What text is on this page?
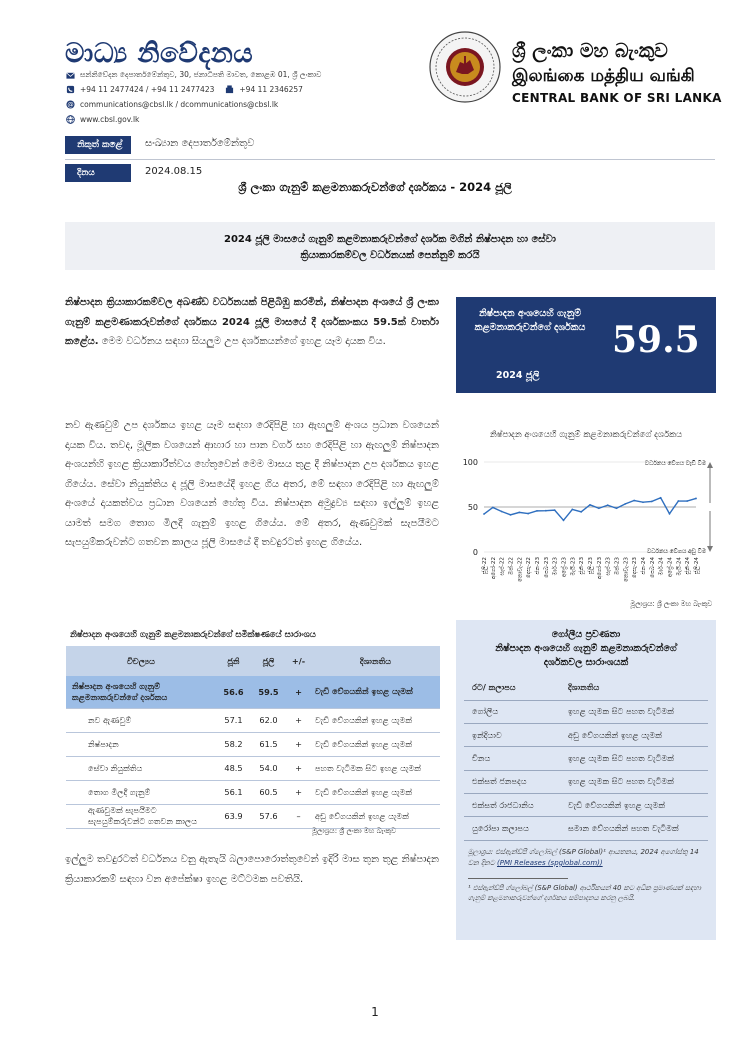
මාධ්‍ය නිවේදනය
සන්නිවේදන දෙපාර්තමේන්තුව, 30, ජනාධිපති මාවත, කොළඹ 01, ශ්‍රී ලංකාව
+94 11 2477424 / +94 11 2477423	+94 11 2346257
@ communications@cbsl.lk / dcommunications@cbsl.lk
www.cbsl.gov.lk
ශ්‍රී ලංකා මහ බැංකුව
இலங்கை மத்திய வங்கி
CENTRAL BANK OF SRI LANKA
නිකුත් කළේ	සංඛ්‍යාන දෙපාර්තමේන්තුව
දිනය	2024.08.15
ශ්‍රී ලංකා ගැනුම් කළමනාකරුවන්ගේ දර්ශකය - 2024 ජූලි
2024 ජූලි මාසයේ ගැනුම් කළමනාකරුවන්ගේ දර්ශක මගින් නිෂ්පාදන හා සේවා
ක්‍රියාකාරකම්වල වර්ධනයක් පෙන්නුම් කරයි
නිෂ්පාදන ක්‍රියාකාරකම්වල අඛණ්ඩ වර්ධනයක් පිළිබිඹු කරමින්, නිෂ්පාදන අංශයේ ශ්‍රී ලංකා ගැනුම් කළමණාකරුවන්ගේ දර්ශකය 2024 ජූලි මාසයේ දී දර්ශකාංකය 59.5ක් වාර්තා කළේය. මෙම වර්ධනය සඳහා සියලුම උප දර්ශකයන්ගේ ඉහළ යෑම දායක විය.
නව ඇණවුම් උප දර්ශකය ඉහළ යෑම සඳහා රෙදිපිළි හා ඇඟලුම් අංශය ප්‍රධාන වශයෙන් දායක විය. තවද, මූලික වශයෙන් ආහාර හා පාන වර්ග සහ රෙදිපිළි හා ඇඟලුම් නිෂ්පාදන අංශයන්හි ඉහළ ක්‍රියාකාරීත්වය හේතුවෙන් මෙම මාසය තුළ දී නිෂ්පාදන උප දර්ශකය ඉහළ ගියේය. සේවා නියුක්තිය ද ජූලි මාසයේදී ඉහළ ගිය අතර, මේ සඳහා රෙදිපිළි හා ඇඟලුම් අංශයේ දායකත්වය ප්‍රධාන වශයෙන් හේතු විය. නිෂ්පාදන අමුද්‍රව්‍ය සඳහා ඉල්ලුම් ඉහළ යාමත් සමග තොග මිලදී ගැනුම් ඉහළ ගියේය. මේ අතර, ඇණවුමක් සැපයීමට සැපයුම්කරුවන්ට ගතවන කාලය ජූලි මාසයේ දී තවදුරටත් ඉහළ ගියේය.
නිෂ්පාදන අංශයෙහි ගැනුම් කළමනාකරුවන්ගේ දර්ශකය 59.5
2024 ජූලි
නිෂ්පාදන අංශයෙහි ගැනුම් කළමනාකරුවන්ගේ දර්ශකය
0
50
100
ජූලි-22 අගෝ-22 සැප්-22 ඔක්-22 නොවැ-22 දෙසැ-22 ජන-23 පෙබ-23 මාර්-23 අප්‍රේ-23 මැයි-23 ජූනි-23 ජූලි-23 අගෝ-23 සැප්-23 ඔක්-23 නොවැ-23 දෙසැ-23 ජන-24 පෙබ-24 මාර්-24 අප්‍රේ-24 මැයි-24 ජූනි-24 ජූලි-24
වර්ධනය වේගය වැඩි වීම
වර්ධනය වේගය අඩු වීම
මූලාශ්‍රය: ශ්‍රී ලංකා මහ බැංකුව
නිෂ්පාදන අංශයෙහි ගැනුම් කළමනාකරුවන්ගේ සමීක්ෂණයේ සාරාංශය
විචල්‍යය	ජූනි	ජූලි	+/-	දිශානතිය
නිෂ්පාදන අංශයෙහි ගැනුම් කළමනාකරුවන්ගේ දර්ශකය	56.6	59.5	+	වැඩි වේගයකින් ඉහළ යැමක්
නව ඇණවුම්	57.1	62.0	+	වැඩි වේගයකින් ඉහළ යැමක්
නිෂ්පාදන	58.2	61.5	+	වැඩි වේගයකින් ඉහළ යැමක්
සේවා නියුක්තිය	48.5	54.0	+	පහත වැටීමක සිට ඉහළ යැමක්
තොග මිලදී ගැනුම්	56.1	60.5	+	වැඩි වේගයකින් ඉහළ යැමක්
ඇණවුමක් සැපයීමට සැපයුම්කරුවන්ට ගතවන කාලය	63.9	57.6	–	අඩු වේගයකින් ඉහළ යැමක්
මූලාශ්‍රය: ශ්‍රී ලංකා මහ බැංකුව
ඉල්ලුම තවදුරටත් වර්ධනය වනු ඇතැයි බලාපොරොත්තුවෙන් ඉදිරි මාස තුන තුළ නිෂ්පාදන ක්‍රියාකාරකම් සඳහා වන අපේක්ෂා ඉහළ මට්ටමක පවතියි.
ගෝලීය ප්‍රවණතා
නිෂ්පාදන අංශයෙහි ගැනුම් කළමනාකරුවන්ගේ
දර්ශකවල සාරාංශයක්
රට/ කලාපය	දිශානතිය
ගෝලීය	ඉහළ යැමක සිට පහත වැටීමක්
ඉන්දියාව	අඩු වේගයකින් ඉහළ යැමක්
චීනය	ඉහළ යැමක සිට පහත වැටීමක්
එක්සත් ජනපදය	ඉහළ යැමක සිට පහත වැටීමක්
එක්සත් රාජධානිය	වැඩි වේගයකින් ඉහළ යැමක්
යුරෝපා කලාපය	සමාන වේගයකින් පහත වැටීමක්
මූලාශ්‍රය: එස්ඇන්ඩ්පී ග්ලෝබල් (S&P Global)¹ ආයතනය, 2024 අගෝස්තු 14 වන දිනට (PMI Releases (spglobal.com))
¹ එස්ඇන්ඩ්පී ග්ලෝබල් (S&P Global) ආර්ථිකයන් 40 කට අධික ප්‍රමාණයක් සඳහා ගැනුම් කළමනාකරුවන්ගේ දර්ශකය සම්පාදනය කරනු ලබයි.
1
